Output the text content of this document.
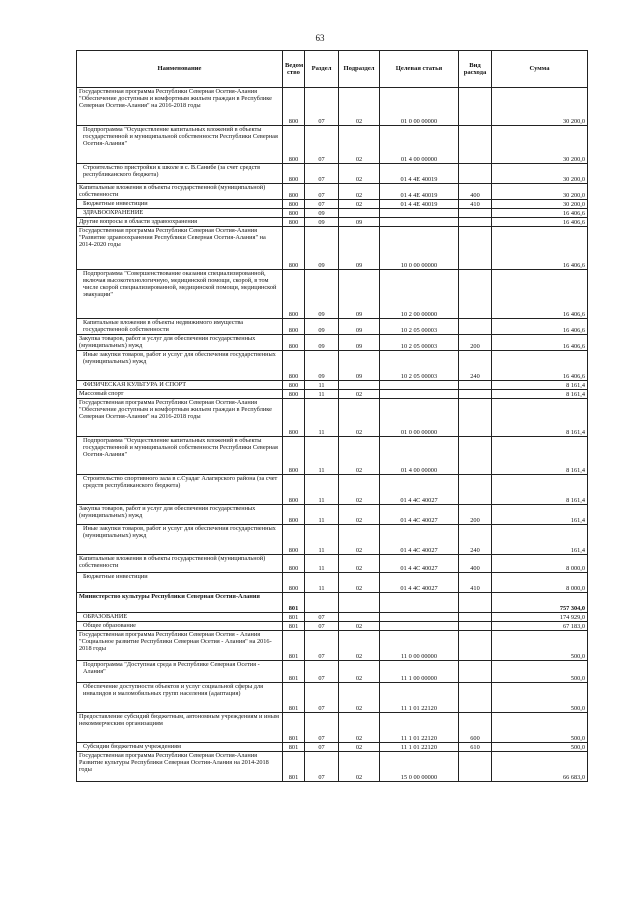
63
Наименование	Ведом ство	Раздел	Подраздел	Целевая статья	Вид расхода	Сумма
Государственная программа Республики Северная Осетия-Алания "Обеспечение доступным и комфортным жильем граждан в Республике Северная Осетия-Алания" на 2016-2018 годы	800	07	02	01 0 00 00000		30 200,0
Подпрограмма "Осуществление капитальных вложений в объекты государственной и муниципальной собственности Республики Северная Осетия-Алания"	800	07	02	01 4 00 00000		30 200,0
Строительство пристройки к школе в с. В.Санибе (за счет средств республиканского бюджета)	800	07	02	01 4 4E 40019		30 200,0
Капитальные вложения в объекты государственной (муниципальной) собственности	800	07	02	01 4 4E 40019	400	30 200,0
Бюджетные инвестиции	800	07	02	01 4 4E 40019	410	30 200,0
ЗДРАВООХРАНЕНИЕ	800	09				16 406,6
Другие вопросы в области здравоохранения	800	09	09			16 406,6
Государственная программа Республики Северная Осетия-Алания "Развитие здравоохранения Республики Северная Осетия-Алания" на 2014-2020 годы	800	09	09	10 0 00 00000		16 406,6
Подпрограмма "Совершенствование оказания специализированной, включая высокотехнологичную, медицинской помощи, скорой, в том числе скорой специализированной, медицинской помощи, медицинской эвакуации"	800	09	09	10 2 00 00000		16 406,6
Капитальные вложения в объекты недвижимого имущества государственной собственности	800	09	09	10 2 05 00003		16 406,6
Закупка товаров, работ и услуг для обеспечения государственных (муниципальных) нужд	800	09	09	10 2 05 00003	200	16 406,6
Иные закупки товаров, работ и услуг для обеспечения государственных (муниципальных) нужд	800	09	09	10 2 05 00003	240	16 406,6
ФИЗИЧЕСКАЯ КУЛЬТУРА И СПОРТ	800	11				8 161,4
Массовый спорт	800	11	02			8 161,4
Государственная программа Республики Северная Осетия-Алания "Обеспечение доступным и комфортным жильем граждан в Республике Северная Осетия-Алания" на 2016-2018 годы	800	11	02	01 0 00 00000		8 161,4
Подпрограмма "Осуществление капитальных вложений в объекты государственной и муниципальной собственности Республики Северная Осетия-Алания"	800	11	02	01 4 00 00000		8 161,4
Строительство спортивного зала в с.Суадаг Алагирского района (за счет средств республиканского бюджета)	800	11	02	01 4 4C 40027		8 161,4
Закупка товаров, работ и услуг для обеспечения государственных (муниципальных) нужд	800	11	02	01 4 4C 40027	200	161,4
Иные закупки товаров, работ и услуг для обеспечения государственных (муниципальных) нужд	800	11	02	01 4 4C 40027	240	161,4
Капитальные вложения в объекты государственной (муниципальной) собственности	800	11	02	01 4 4C 40027	400	8 000,0
Бюджетные инвестиции	800	11	02	01 4 4C 40027	410	8 000,0
Министерство культуры Республики Северная Осетия-Алания	801					757 304,0
ОБРАЗОВАНИЕ	801	07				174 929,0
Общее образование	801	07	02			67 183,0
Государственная программа Республики Северная Осетия - Алания "Социальное развитие Республики Северная Осетия - Алания" на 2016-2018 годы	801	07	02	11 0 00 00000		500,0
Подпрограмма "Доступная среда в Республике Северная Осетия - Алания"	801	07	02	11 1 00 00000		500,0
Обеспечение доступности объектов и услуг социальной сферы для инвалидов и маломобильных групп населения (адаптация)	801	07	02	11 1 01 22120		500,0
Предоставление субсидий бюджетным, автономным учреждениям и иным некоммерческим организациям	801	07	02	11 1 01 22120	600	500,0
Субсидии бюджетным учреждениям	801	07	02	11 1 01 22120	610	500,0
Государственная программа Республики Северная Осетия-Алания Развитие культуры Республики Северная Осетия-Алания на 2014-2018 годы	801	07	02	15 0 00 00000		66 683,0
